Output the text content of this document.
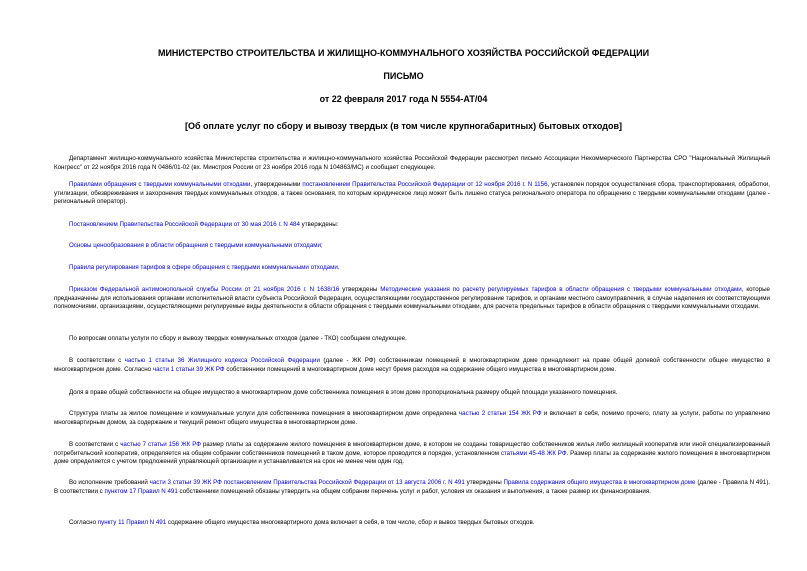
МИНИСТЕРСТВО СТРОИТЕЛЬСТВА И ЖИЛИЩНО-КОММУНАЛЬНОГО ХОЗЯЙСТВА РОССИЙСКОЙ ФЕДЕРАЦИИ
ПИСЬМО
от 22 февраля 2017 года N 5554-АТ/04
[Об оплате услуг по сбору и вывозу твердых (в том числе крупногабаритных) бытовых отходов]
Департамент жилищно-коммунального хозяйства Министерства строительства и жилищно-коммунального хозяйства Российской Федерации рассмотрел письмо Ассоциации Некоммерческого Партнерства СРО "Национальный Жилищный Конгресс" от 22 ноября 2016 года N 0486/01-02 (вх. Минстроя России от 23 ноября 2016 года N 104863/МС) и сообщает следующее.
Правилами обращения с твердыми коммунальными отходами, утвержденными постановлением Правительства Российской Федерации от 12 ноября 2016 г. N 1156, установлен порядок осуществления сбора, транспортирования, обработки, утилизации, обезвреживания и захоронения твердых коммунальных отходов, а также основания, по которым юридическое лицо может быть лишено статуса регионального оператора по обращению с твердыми коммунальными отходами (далее - региональный оператор).
Постановлением Правительства Российской Федерации от 30 мая 2016 г. N 484 утверждены:
Основы ценообразования в области обращения с твердыми коммунальными отходами;
Правила регулирования тарифов в сфере обращения с твердыми коммунальными отходами.
Приказом Федеральной антимонопольной службы России от 21 ноября 2016 г. N 1638/16 утверждены Методические указания по расчету регулируемых тарифов в области обращения с твердыми коммунальными отходами, которые предназначены для использования органами исполнительной власти субъекта Российской Федерации, осуществляющими государственное регулирование тарифов, и органами местного самоуправления, в случае наделения их соответствующими полномочиями, организациями, осуществляющими регулируемые виды деятельности в области обращения с твердыми коммунальными отходами, для расчета предельных тарифов в области обращения с твердыми коммунальными отходами.
По вопросам оплаты услуги по сбору и вывозу твердых коммунальных отходов (далее - ТКО) сообщаем следующее.
В соответствии с частью 1 статьи 36 Жилищного кодекса Российской Федерации (далее - ЖК РФ) собственникам помещений в многоквартирном доме принадлежит на праве общей долевой собственности общее имущество в многоквартирном доме. Согласно части 1 статьи 39 ЖК РФ собственники помещений в многоквартирном доме несут бремя расходов на содержание общего имущества в многоквартирном доме.
Доля в праве общей собственности на общее имущество в многоквартирном доме собственника помещения в этом доме пропорциональна размеру общей площади указанного помещения.
Структура платы за жилое помещение и коммунальные услуги для собственника помещения в многоквартирном доме определена частью 2 статьи 154 ЖК РФ и включает в себя, помимо прочего, плату за услуги, работы по управлению многоквартирным домом, за содержание и текущий ремонт общего имущества в многоквартирном доме.
В соответствии с частью 7 статьи 156 ЖК РФ размер платы за содержание жилого помещения в многоквартирном доме, в котором не созданы товарищество собственников жилья либо жилищный кооператив или иной специализированный потребительский кооператив, определяется на общем собрании собственников помещений в таком доме, которое проводится в порядке, установленном статьями 45-48 ЖК РФ. Размер платы за содержание жилого помещения в многоквартирном доме определяется с учетом предложений управляющей организации и устанавливается на срок не менее чем один год.
Во исполнение требований части 3 статьи 39 ЖК РФ постановлением Правительства Российской Федерации от 13 августа 2006 г. N 491 утверждены Правила содержания общего имущества в многоквартирном доме (далее - Правила N 491). В соответствии с пунктом 17 Правил N 491 собственники помещений обязаны утвердить на общем собрании перечень услуг и работ, условия их оказания и выполнения, а также размер их финансирования.
Согласно пункту 11 Правил N 491 содержание общего имущества многоквартирного дома включает в себя, в том числе, сбор и вывоз твердых бытовых отходов.
